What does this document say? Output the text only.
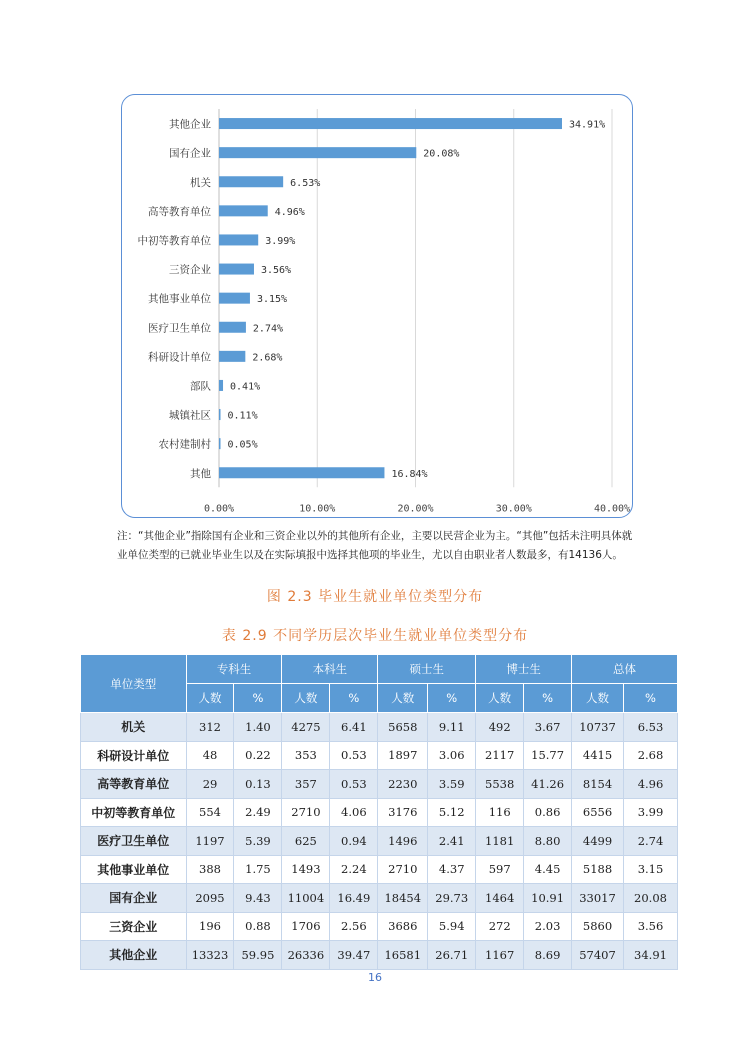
0.00%	10.00%	20.00%	30.00%	40.00%
其他企业	34.91%
国有企业	20.08%
机关	6.53%
高等教育单位	4.96%
中初等教育单位	3.99%
三资企业	3.56%
其他事业单位	3.15%
医疗卫生单位	2.74%
科研设计单位	2.68%
部队 0.41%
城镇社区 0.11%
农村建制村 0.05%
其他	16.84%
注：“其他企业”指除国有企业和三资企业以外的其他所有企业，主要以民营企业为主。“其他”包括未注明具体就业单位类型的已就业毕业生以及在实际填报中选择其他项的毕业生，尤以自由职业者人数最多，有14136人。
图 2.3 毕业生就业单位类型分布
表 2.9 不同学历层次毕业生就业单位类型分布
单位类型	专科生		本科生		硕士生		博士生		总体	
	人数	%	人数	%	人数	%	人数	%	人数	%
机关	312	1.40	4275	6.41	5658	9.11	492	3.67	10737	6.53
科研设计单位	48	0.22	353	0.53	1897	3.06	2117	15.77	4415	2.68
高等教育单位	29	0.13	357	0.53	2230	3.59	5538	41.26	8154	4.96
中初等教育单位	554	2.49	2710	4.06	3176	5.12	116	0.86	6556	3.99
医疗卫生单位	1197	5.39	625	0.94	1496	2.41	1181	8.80	4499	2.74
其他事业单位	388	1.75	1493	2.24	2710	4.37	597	4.45	5188	3.15
国有企业	2095	9.43	11004	16.49	18454	29.73	1464	10.91	33017	20.08
三资企业	196	0.88	1706	2.56	3686	5.94	272	2.03	5860	3.56
其他企业	13323	59.95	26336	39.47	16581	26.71	1167	8.69	57407	34.91
16
